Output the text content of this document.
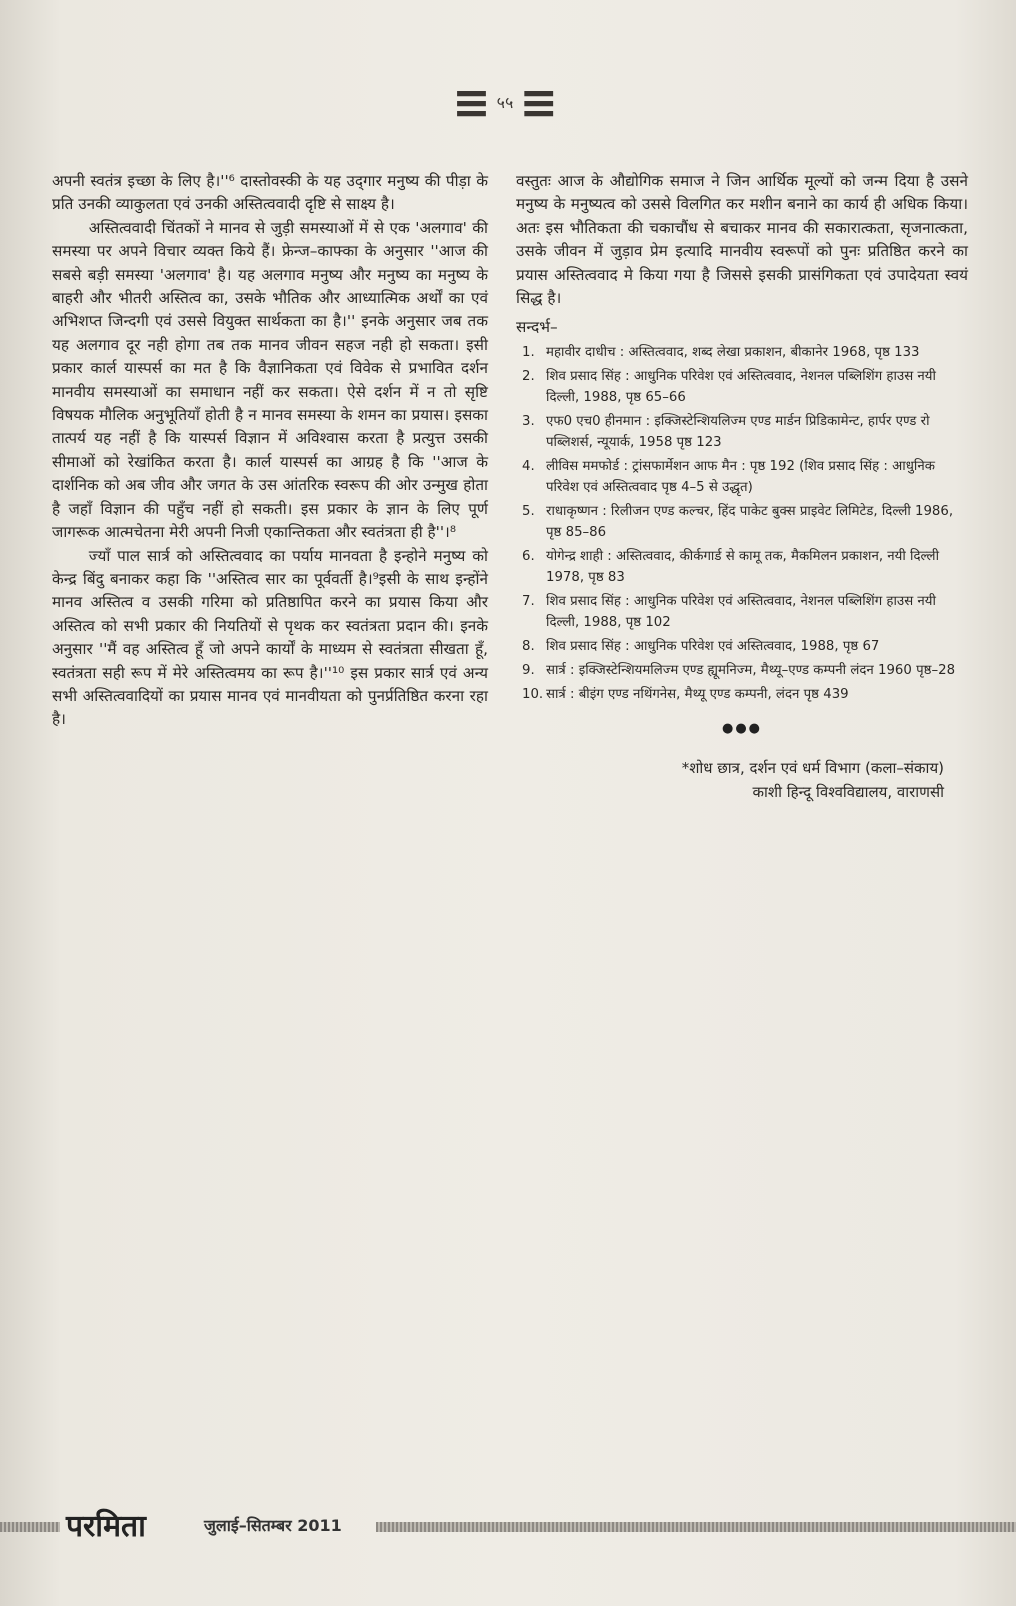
≡ ५५ ≡

अपनी स्वतंत्र इच्छा के लिए है।''⁶ दास्तोवस्की के यह उद्‌गार मनुष्य की पीड़ा के प्रति उनकी व्याकुलता एवं उनकी अस्तित्ववादी दृष्टि से साक्ष्य है।

अस्तित्ववादी चिंतकों ने मानव से जुड़ी समस्याओं में से एक 'अलगाव' की समस्या पर अपने विचार व्यक्त किये हैं। फ्रेन्ज–काफ्का के अनुसार ''आज की सबसे बड़ी समस्या 'अलगाव' है। यह अलगाव मनुष्य और मनुष्य का मनुष्य के बाहरी और भीतरी अस्तित्व का, उसके भौतिक और आध्यात्मिक अर्थों का एवं अभिशप्त जिन्दगी एवं उससे वियुक्त सार्थकता का है।'' इनके अनुसार जब तक यह अलगाव दूर नही होगा तब तक मानव जीवन सहज नही हो सकता। इसी प्रकार कार्ल यास्पर्स का मत है कि वैज्ञानिकता एवं विवेक से प्रभावित दर्शन मानवीय समस्याओं का समाधान नहीं कर सकता। ऐसे दर्शन में न तो सृष्टि विषयक मौलिक अनुभूतियाँ होती है न मानव समस्या के शमन का प्रयास। इसका तात्पर्य यह नहीं है कि यास्पर्स विज्ञान में अविश्वास करता है प्रत्युत्त उसकी सीमाओं को रेखांकित करता है। कार्ल यास्पर्स का आग्रह है कि ''आज के दार्शनिक को अब जीव और जगत के उस आंतरिक स्वरूप की ओर उन्मुख होता है जहाँ विज्ञान की पहुँच नहीं हो सकती। इस प्रकार के ज्ञान के लिए पूर्ण जागरूक आत्मचेतना मेरी अपनी निजी एकान्तिकता और स्वतंत्रता ही है''।⁸

ज्याँ पाल सार्त्र को अस्तित्ववाद का पर्याय मानवता है इन्होने मनुष्य को केन्द्र बिंदु बनाकर कहा कि ''अस्तित्व सार का पूर्ववर्ती है।⁹इसी के साथ इन्होंने मानव अस्तित्व व उसकी गरिमा को प्रतिष्ठापित करने का प्रयास किया और अस्तित्व को सभी प्रकार की नियतियों से पृथक कर स्वतंत्रता प्रदान की। इनके अनुसार ''मैं वह अस्तित्व हूँ जो अपने कार्यों के माध्यम से स्वतंत्रता सीखता हूँ, स्वतंत्रता सही रूप में मेरे अस्तित्वमय का रूप है।''¹⁰ इस प्रकार सार्त्र एवं अन्य सभी अस्तित्ववादियों का प्रयास मानव एवं मानवीयता को पुनर्प्रतिष्ठित करना रहा है।

वस्तुतः आज के औद्योगिक समाज ने जिन आर्थिक मूल्यों को जन्म दिया है उसने मनुष्य के मनुष्यत्व को उससे विलगित कर मशीन बनाने का कार्य ही अधिक किया। अतः इस भौतिकता की चकाचौंध से बचाकर मानव की सकारात्कता, सृजनात्कता, उसके जीवन में जुड़ाव प्रेम इत्यादि मानवीय स्वरूपों को पुनः प्रतिष्ठित करने का प्रयास अस्तित्ववाद मे किया गया है जिससे इसकी प्रासंगिकता एवं उपादेयता स्वयं सिद्ध है।

सन्दर्भ–

1. महावीर दाधीच : अस्तित्ववाद, शब्द लेखा प्रकाशन, बीकानेर 1968, पृष्ठ 133
2. शिव प्रसाद सिंह : आधुनिक परिवेश एवं अस्तित्ववाद, नेशनल पब्लिशिंग हाउस नयी दिल्ली, 1988, पृष्ठ 65–66
3. एफ0 एच0 हीनमान : इक्जिस्टेन्शियलिज्म एण्ड मार्डन प्रिडिकामेन्ट, हार्पर एण्ड रो पब्लिशर्स, न्यूयार्क, 1958 पृष्ठ 123
4. लीविस ममफोर्ड : ट्रांसफार्मेशन आफ मैन : पृष्ठ 192 (शिव प्रसाद सिंह : आधुनिक परिवेश एवं अस्तित्ववाद पृष्ठ 4–5 से उद्धृत)
5. राधाकृष्णन : रिलीजन एण्ड कल्चर, हिंद पाकेट बुक्स प्राइवेट लिमिटेड, दिल्ली 1986, पृष्ठ 85–86
6. योगेन्द्र शाही : अस्तित्ववाद, कीर्कगार्ड से कामू तक, मैकमिलन प्रकाशन, नयी दिल्ली 1978, पृष्ठ 83
7. शिव प्रसाद सिंह : आधुनिक परिवेश एवं अस्तित्ववाद, नेशनल पब्लिशिंग हाउस नयी दिल्ली, 1988, पृष्ठ 102
8. शिव प्रसाद सिंह : आधुनिक परिवेश एवं अस्तित्ववाद, 1988, पृष्ठ 67
9. सार्त्र : इक्जिस्टेन्शियमलिज्म एण्ड ह्यूमनिज्म, मैथ्यू–एण्ड कम्पनी लंदन 1960 पृष्ठ–28
10. सार्त्र : बीइंग एण्ड नथिंगनेस, मैथ्यू एण्ड कम्पनी, लंदन पृष्ठ 439
●●●
*शोध छात्र, दर्शन एवं धर्म विभाग (कला–संकाय)
काशी हिन्दू विश्वविद्यालय, वाराणसी
परमिता	जुलाई–सितम्बर 2011
